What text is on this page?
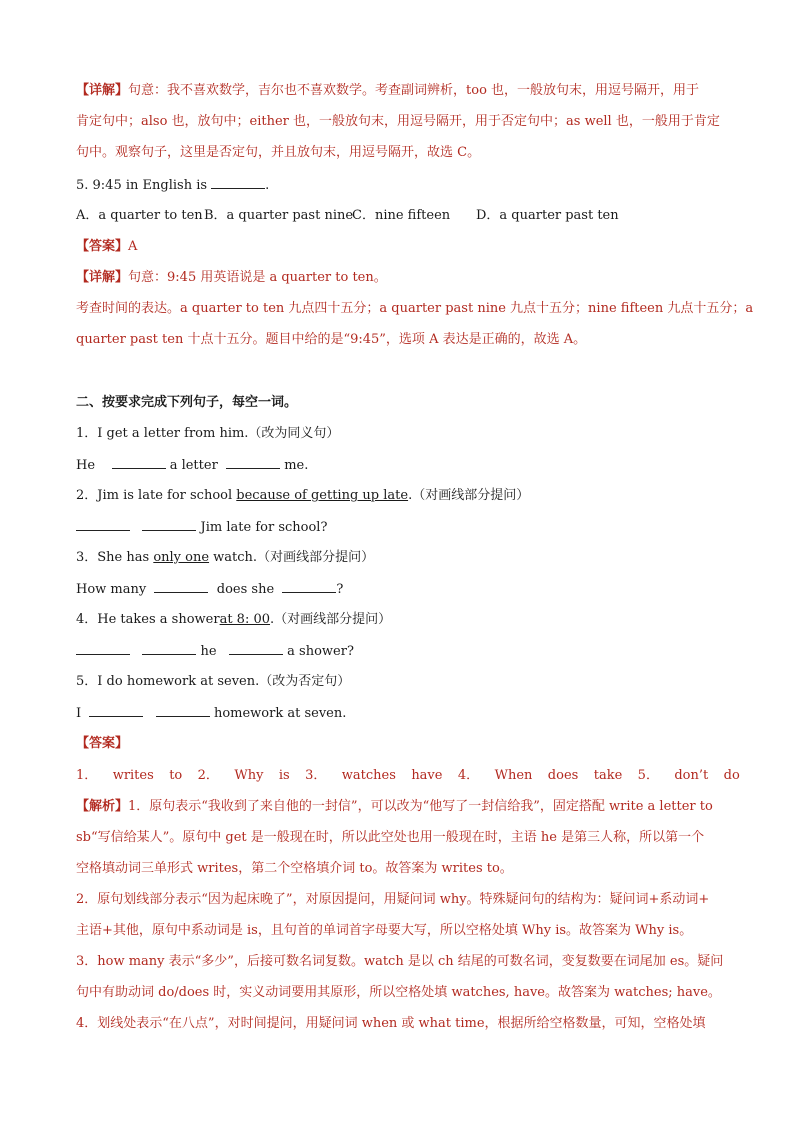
【详解】句意：我不喜欢数学，吉尔也不喜欢数学。考查副词辨析，too 也，一般放句末，用逗号隔开，用于
肯定句中；also 也，放句中；either 也，一般放句末，用逗号隔开，用于否定句中；as well 也，一般用于肯定
句中。观察句子，这里是否定句，并且放句末，用逗号隔开，故选 C。
5. 9:45 in English is	.
A．a quarter to tenB．a quarter past nineC．nine fifteen D．a quarter past ten
【答案】A
【详解】句意：9:45 用英语说是 a quarter to ten。
考查时间的表达。a quarter to ten 九点四十五分；a quarter past nine 九点十五分；nine fifteen 九点十五分；a
quarter past ten 十点十五分。题目中给的是“9:45”，选项 A 表达是正确的，故选 A。
二、按要求完成下列句子，每空一词。
1．I get a letter from him.（改为同义句）
He	a letter	me.
2．Jim is late for school because of getting up late.（对画线部分提问）
Jim late for school?
3．She has only one watch.（对画线部分提问）
How many	does she	?
4．He takes a showerat 8: 00.（对画线部分提问）
he	a shower?
5．I do homework at seven.（改为否定句）
I	homework at seven.
【答案】
1． writes to 2． Why is 3． watches have 4． When does take 5． don’t do
【解析】1．原句表示“我收到了来自他的一封信”，可以改为“他写了一封信给我”，固定搭配 write a letter to
sb“写信给某人”。原句中 get 是一般现在时，所以此空处也用一般现在时，主语 he 是第三人称，所以第一个
空格填动词三单形式 writes，第二个空格填介词 to。故答案为 writes to。
2．原句划线部分表示“因为起床晚了”，对原因提问，用疑问词 why。特殊疑问句的结构为：疑问词+系动词+
主语+其他，原句中系动词是 is，且句首的单词首字母要大写，所以空格处填 Why is。故答案为 Why is。
3．how many 表示“多少”，后接可数名词复数。watch 是以 ch 结尾的可数名词，变复数要在词尾加 es。疑问
句中有助动词 do/does 时，实义动词要用其原形，所以空格处填 watches, have。故答案为 watches; have。
4．划线处表示“在八点”，对时间提问，用疑问词 when 或 what time，根据所给空格数量，可知，空格处填
